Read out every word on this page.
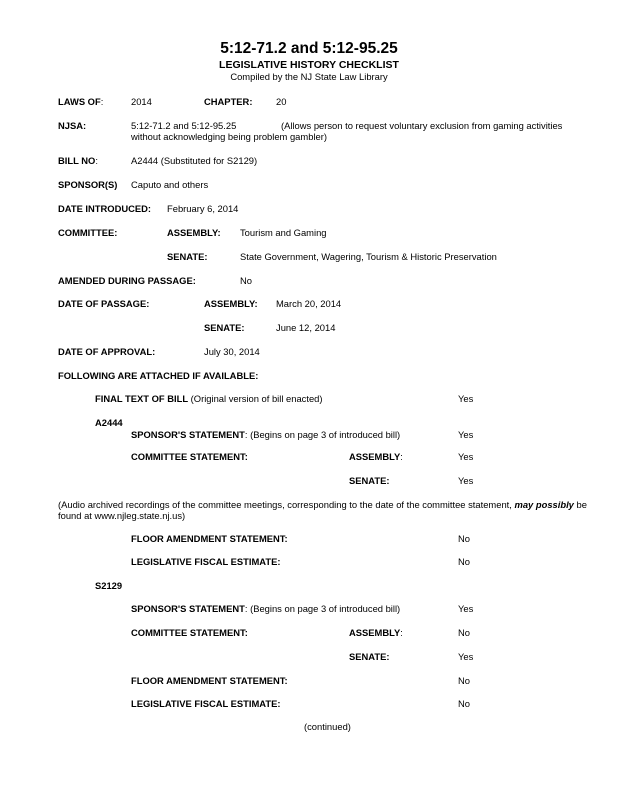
5:12-71.2 and 5:12-95.25
LEGISLATIVE HISTORY CHECKLIST
Compiled by the NJ State Law Library
LAWS OF:	2014	CHAPTER:	20
NJSA:	5:12-71.2 and 5:12-95.25	(Allows person to request voluntary exclusion from gaming activities
without acknowledging being problem gambler)
BILL NO:	A2444 (Substituted for S2129)
SPONSOR(S) Caputo and others
DATE INTRODUCED: February 6, 2014
COMMITTEE:	ASSEMBLY: Tourism and Gaming
SENATE:	State Government, Wagering, Tourism & Historic Preservation
AMENDED DURING PASSAGE:	No
DATE OF PASSAGE:	ASSEMBLY: March 20, 2014
SENATE:	June 12, 2014
DATE OF APPROVAL:	July 30, 2014
FOLLOWING ARE ATTACHED IF AVAILABLE:
FINAL TEXT OF BILL (Original version of bill enacted)	Yes
A2444
SPONSOR'S STATEMENT: (Begins on page 3 of introduced bill)	Yes
COMMITTEE STATEMENT:	ASSEMBLY:	Yes
SENATE:	Yes
(Audio archived recordings of the committee meetings, corresponding to the date of the committee statement, may possibly be found at www.njleg.state.nj.us)
FLOOR AMENDMENT STATEMENT:	No
LEGISLATIVE FISCAL ESTIMATE:	No
S2129
SPONSOR'S STATEMENT: (Begins on page 3 of introduced bill)	Yes
COMMITTEE STATEMENT:	ASSEMBLY:	No
SENATE:	Yes
FLOOR AMENDMENT STATEMENT:	No
LEGISLATIVE FISCAL ESTIMATE:	No
(continued)
